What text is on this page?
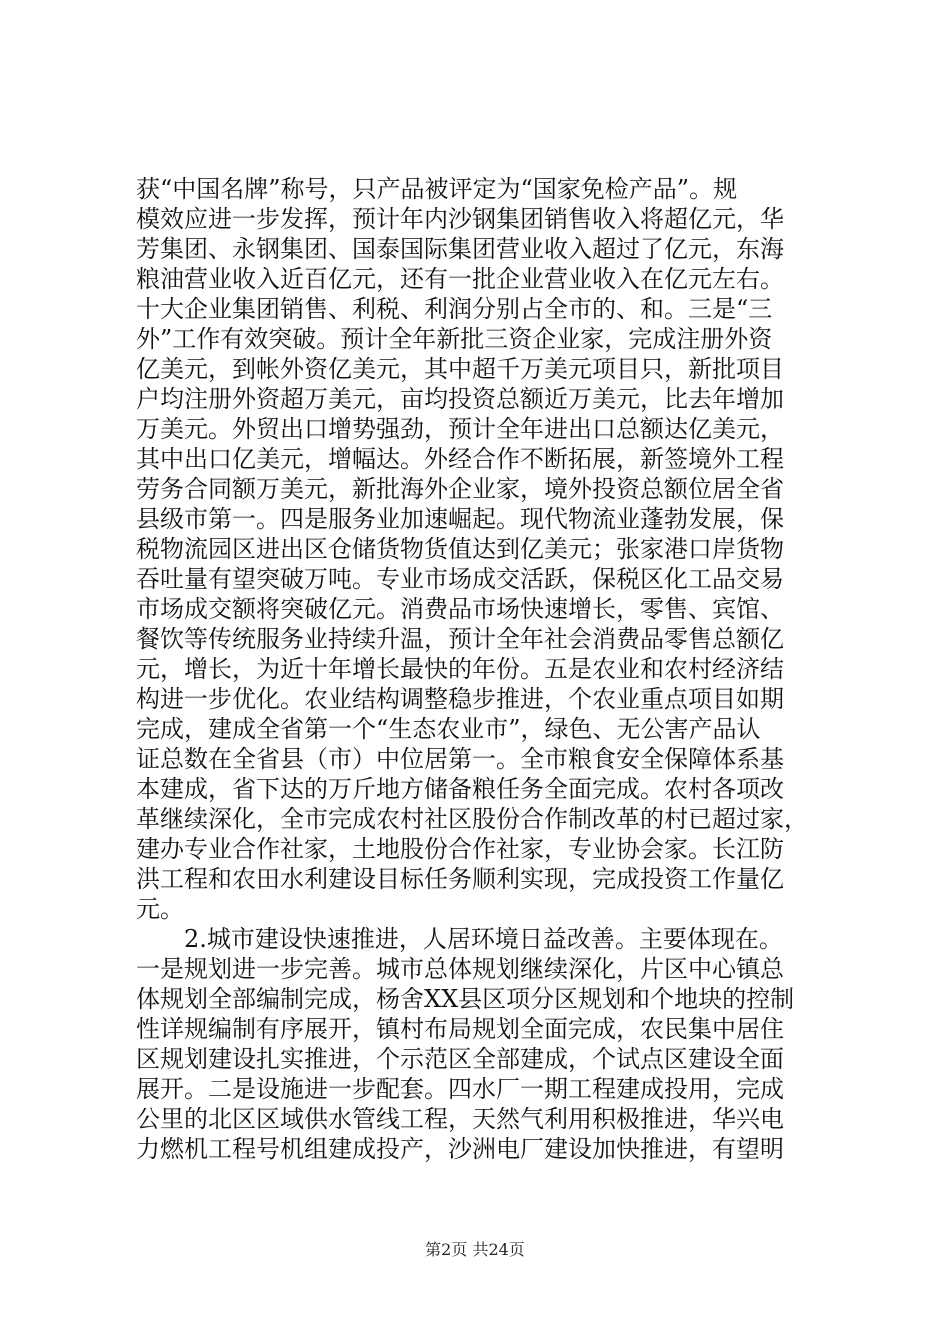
获“中国名牌”称号，只产品被评定为“国家免检产品”。规
模效应进一步发挥，预计年内沙钢集团销售收入将超亿元，华
芳集团、永钢集团、国泰国际集团营业收入超过了亿元，东海
粮油营业收入近百亿元，还有一批企业营业收入在亿元左右。
十大企业集团销售、利税、利润分别占全市的、和。三是“三
外”工作有效突破。预计全年新批三资企业家，完成注册外资
亿美元，到帐外资亿美元，其中超千万美元项目只，新批项目
户均注册外资超万美元，亩均投资总额近万美元，比去年增加
万美元。外贸出口增势强劲，预计全年进出口总额达亿美元，
其中出口亿美元，增幅达。外经合作不断拓展，新签境外工程
劳务合同额万美元，新批海外企业家，境外投资总额位居全省
县级市第一。四是服务业加速崛起。现代物流业蓬勃发展，保
税物流园区进出区仓储货物货值达到亿美元；张家港口岸货物
吞吐量有望突破万吨。专业市场成交活跃，保税区化工品交易
市场成交额将突破亿元。消费品市场快速增长，零售、宾馆、
餐饮等传统服务业持续升温，预计全年社会消费品零售总额亿
元，增长，为近十年增长最快的年份。五是农业和农村经济结
构进一步优化。农业结构调整稳步推进，个农业重点项目如期
完成，建成全省第一个“生态农业市”，绿色、无公害产品认
证总数在全省县（市）中位居第一。全市粮食安全保障体系基
本建成，省下达的万斤地方储备粮任务全面完成。农村各项改
革继续深化，全市完成农村社区股份合作制改革的村已超过家，
建办专业合作社家，土地股份合作社家，专业协会家。长江防
洪工程和农田水利建设目标任务顺利实现，完成投资工作量亿
元。
2.城市建设快速推进，人居环境日益改善。主要体现在。
一是规划进一步完善。城市总体规划继续深化，片区中心镇总
体规划全部编制完成，杨舍XX县区项分区规划和个地块的控制
性详规编制有序展开，镇村布局规划全面完成，农民集中居住
区规划建设扎实推进，个示范区全部建成，个试点区建设全面
展开。二是设施进一步配套。四水厂一期工程建成投用，完成
公里的北区区域供水管线工程，天然气利用积极推进，华兴电
力燃机工程号机组建成投产，沙洲电厂建设加快推进，有望明
第2页 共24页
